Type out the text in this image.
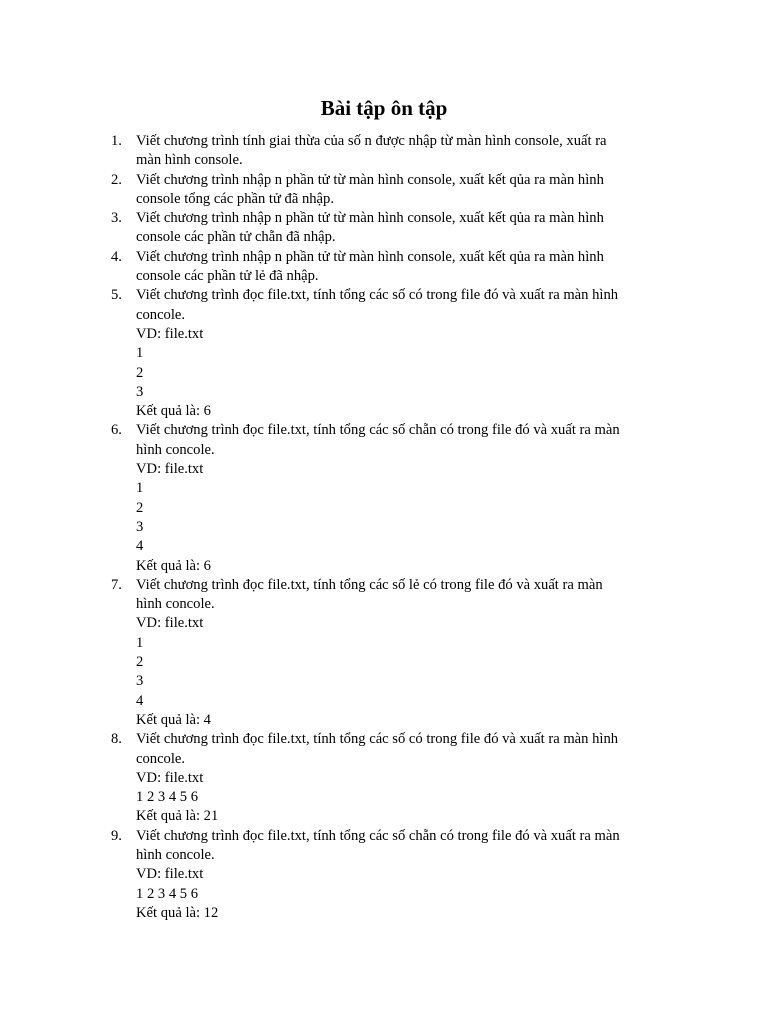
Bài tập ôn tập
1. Viết chương trình tính giai thừa của số n được nhập từ màn hình console, xuất ra
màn hình console.
2. Viết chương trình nhập n phần tử từ màn hình console, xuất kết qủa ra màn hình
console tổng các phần tử đã nhập.
3. Viết chương trình nhập n phần tử từ màn hình console, xuất kết qủa ra màn hình
console các phần tử chẵn đã nhập.
4. Viết chương trình nhập n phần tử từ màn hình console, xuất kết qủa ra màn hình
console các phần tử lẻ đã nhập.
5. Viết chương trình đọc file.txt, tính tổng các số có trong file đó và xuất ra màn hình
concole.
VD: file.txt
1
2
3
Kết quả là: 6
6. Viết chương trình đọc file.txt, tính tổng các số chẵn có trong file đó và xuất ra màn
hình concole.
VD: file.txt
1
2
3
4
Kết quả là: 6
7. Viết chương trình đọc file.txt, tính tổng các số lẻ có trong file đó và xuất ra màn
hình concole.
VD: file.txt
1
2
3
4
Kết quả là: 4
8. Viết chương trình đọc file.txt, tính tổng các số có trong file đó và xuất ra màn hình
concole.
VD: file.txt
1 2 3 4 5 6
Kết quả là: 21
9. Viết chương trình đọc file.txt, tính tổng các số chẵn có trong file đó và xuất ra màn
hình concole.
VD: file.txt
1 2 3 4 5 6
Kết quả là: 12
